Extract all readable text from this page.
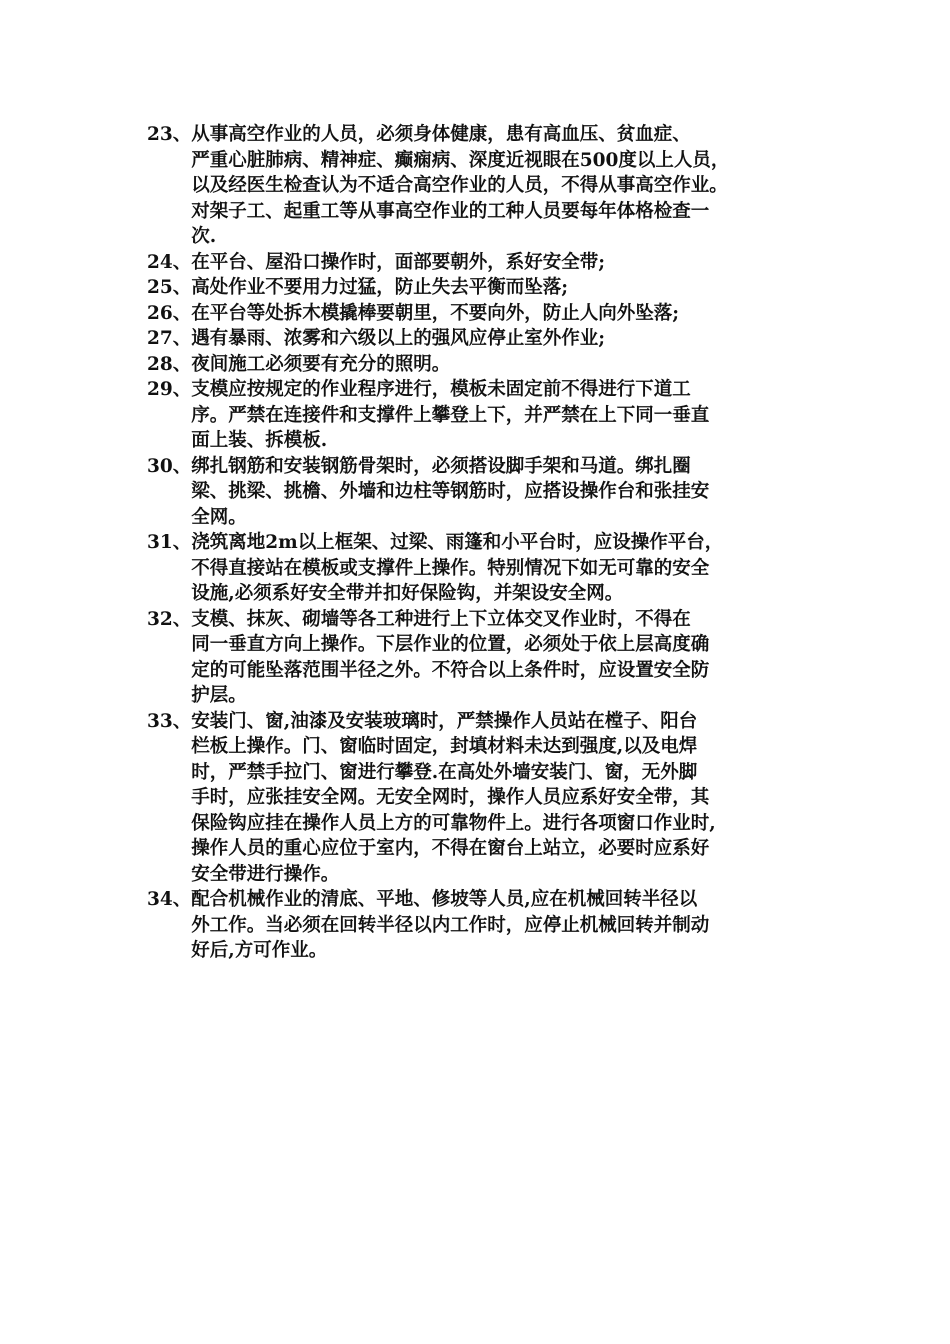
23、 从事高空作业的人员，必须身体健康，患有高血压、贫血症、
严重心脏肺病、精神症、癫痫病、深度近视眼在500度以上人员，
以及经医生检查认为不适合高空作业的人员，不得从事高空作业。
对架子工、起重工等从事高空作业的工种人员要每年体格检查一
次.
24、 在平台、屋沿口操作时，面部要朝外，系好安全带;
25、 高处作业不要用力过猛，防止失去平衡而坠落;
26、 在平台等处拆木模撬棒要朝里，不要向外，防止人向外坠落;
27、 遇有暴雨、浓雾和六级以上的强风应停止室外作业;
28、 夜间施工必须要有充分的照明。
29、 支模应按规定的作业程序进行，模板未固定前不得进行下道工
序。严禁在连接件和支撑件上攀登上下，并严禁在上下同一垂直
面上装、拆模板.
30、 绑扎钢筋和安装钢筋骨架时，必须搭设脚手架和马道。绑扎圈
梁、挑梁、挑檐、外墙和边柱等钢筋时，应搭设操作台和张挂安
全网。
31、 浇筑离地2m以上框架、过梁、雨篷和小平台时，应设操作平台，
不得直接站在模板或支撑件上操作。特别情况下如无可靠的安全
设施,必须系好安全带并扣好保险钩，并架设安全网。
32、 支模、抹灰、砌墙等各工种进行上下立体交叉作业时，不得在
同一垂直方向上操作。下层作业的位置，必须处于依上层高度确
定的可能坠落范围半径之外。不符合以上条件时，应设置安全防
护层。
33、 安装门、窗,油漆及安装玻璃时，严禁操作人员站在樘子、阳台
栏板上操作。门、窗临时固定，封填材料未达到强度,以及电焊
时，严禁手拉门、窗进行攀登.在高处外墙安装门、窗，无外脚
手时，应张挂安全网。无安全网时，操作人员应系好安全带，其
保险钩应挂在操作人员上方的可靠物件上。进行各项窗口作业时,
操作人员的重心应位于室内，不得在窗台上站立，必要时应系好
安全带进行操作。
34、 配合机械作业的清底、平地、修坡等人员,应在机械回转半径以
外工作。当必须在回转半径以内工作时，应停止机械回转并制动
好后,方可作业。
